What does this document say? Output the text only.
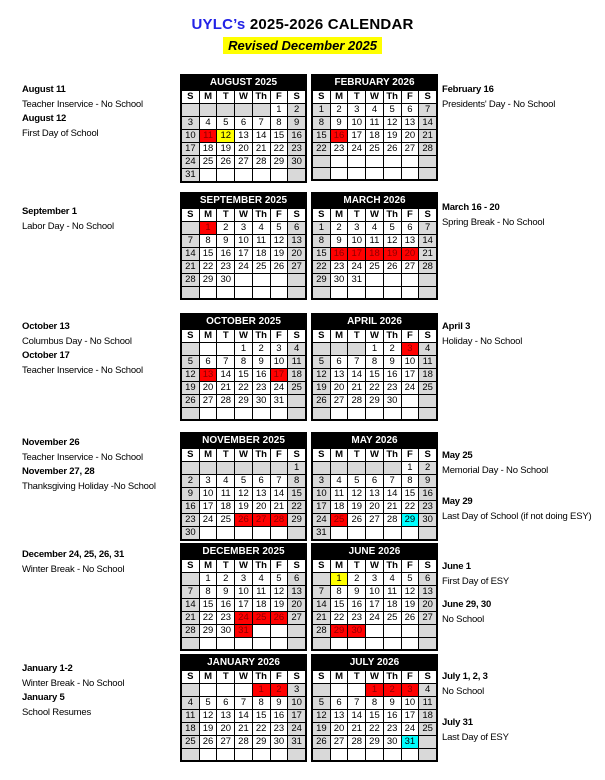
UYLC’s 2025-2026 CALENDAR
Revised December 2025
AUGUST 2025
S	M	T	W	Th	F	S
					1	2
3	4	5	6	7	8	9
10	11	12	13	14	15	16
17	18	19	20	21	22	23
24	25	26	27	28	29	30
31						
SEPTEMBER 2025
S	M	T	W	Th	F	S
	1	2	3	4	5	6
7	8	9	10	11	12	13
14	15	16	17	18	19	20
21	22	23	24	25	26	27
28	29	30				

OCTOBER 2025
S	M	T	W	Th	F	S
			1	2	3	4
5	6	7	8	9	10	11
12	13	14	15	16	17	18
19	20	21	22	23	24	25
26	27	28	29	30	31	

NOVEMBER 2025
S	M	T	W	Th	F	S
						1
2	3	4	5	6	7	8
9	10	11	12	13	14	15
16	17	18	19	20	21	22
23	24	25	26	27	28	29
30						
DECEMBER 2025
S	M	T	W	Th	F	S
	1	2	3	4	5	6
7	8	9	10	11	12	13
14	15	16	17	18	19	20
21	22	23	24	25	26	27
28	29	30	31			

JANUARY 2026
S	M	T	W	Th	F	S
				1	2	3
4	5	6	7	8	9	10
11	12	13	14	15	16	17
18	19	20	21	22	23	24
25	26	27	28	29	30	31

FEBRUARY 2026
S	M	T	W	Th	F	S
1	2	3	4	5	6	7
8	9	10	11	12	13	14
15	16	17	18	19	20	21
22	23	24	25	26	27	28

MARCH 2026
S	M	T	W	Th	F	S
1	2	3	4	5	6	7
8	9	10	11	12	13	14
15	16	17	18	19	20	21
22	23	24	25	26	27	28
29	30	31				

APRIL 2026
S	M	T	W	Th	F	S
			1	2	3	4
5	6	7	8	9	10	11
12	13	14	15	16	17	18
19	20	21	22	23	24	25
26	27	28	29	30		

MAY 2026
S	M	T	W	Th	F	S
					1	2
3	4	5	6	7	8	9
10	11	12	13	14	15	16
17	18	19	20	21	22	23
24	25	26	27	28	29	30
31						
JUNE 2026
S	M	T	W	Th	F	S
	1	2	3	4	5	6
7	8	9	10	11	12	13
14	15	16	17	18	19	20
21	22	23	24	25	26	27
28	29	30				

JULY 2026
S	M	T	W	Th	F	S
			1	2	3	4
5	6	7	8	9	10	11
12	13	14	15	16	17	18
19	20	21	22	23	24	25
26	27	28	29	30	31	

August 11
Teacher Inservice - No School
August 12
First Day of School
September 1
Labor Day - No School
October 13
Columbus Day - No School
October 17
Teacher Inservice - No School
November 26
Teacher Inservice - No School
November 27, 28
Thanksgiving Holiday -No School
December 24, 25, 26, 31
Winter Break - No School
January 1-2
Winter Break - No School
January 5
School Resumes
February 16
Presidents' Day - No School
March 16 - 20
Spring Break - No School
April 3
Holiday - No School
May 25
Memorial Day - No School
May 29
Last Day of School (if not doing ESY)
June 1
First Day of ESY
June 29, 30
No School
July 1, 2, 3
No School
July 31
Last Day of ESY
